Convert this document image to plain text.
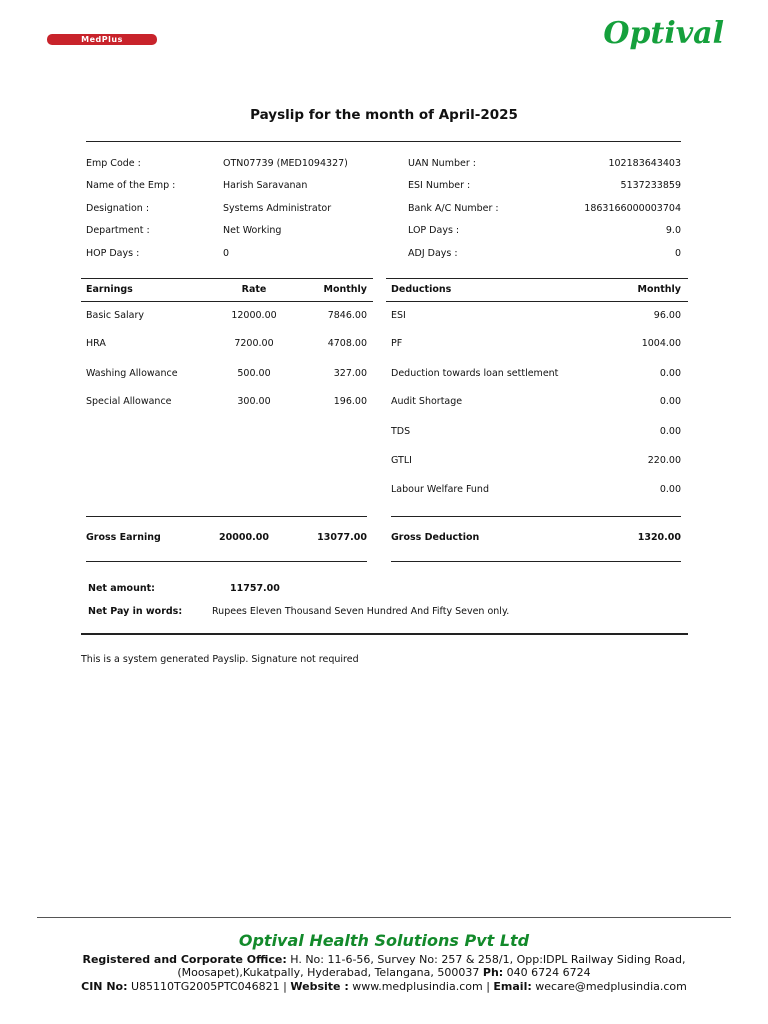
MedPlus	Optival
Payslip for the month of April-2025
Emp Code :	OTN07739 (MED1094327)
Name of the Emp :	Harish Saravanan
Designation :	Systems Administrator
Department :	Net Working
HOP Days :	0
UAN Number :	102183643403
ESI Number :	5137233859
Bank A/C Number :	1863166000003704
LOP Days :	9.0
ADJ Days :	0
Earnings	Rate	Monthly	Deductions	Monthly
Basic Salary	12000.00	7846.00
HRA	7200.00	4708.00
Washing Allowance	500.00	327.00
Special Allowance	300.00	196.00
ESI	96.00
PF	1004.00
Deduction towards loan settlement	0.00
Audit Shortage	0.00
TDS	0.00
GTLI	220.00
Labour Welfare Fund	0.00
Gross Earning	20000.00	13077.00	Gross Deduction	1320.00
Net amount:	11757.00
Net Pay in words:	Rupees Eleven Thousand Seven Hundred And Fifty Seven only.
This is a system generated Payslip. Signature not required
Optival Health Solutions Pvt Ltd
Registered and Corporate Office: H. No: 11-6-56, Survey No: 257 & 258/1, Opp:IDPL Railway Siding Road,
(Moosapet),Kukatpally, Hyderabad, Telangana, 500037 Ph: 040 6724 6724
CIN No: U85110TG2005PTC046821 | Website : www.medplusindia.com | Email: wecare@medplusindia.com
